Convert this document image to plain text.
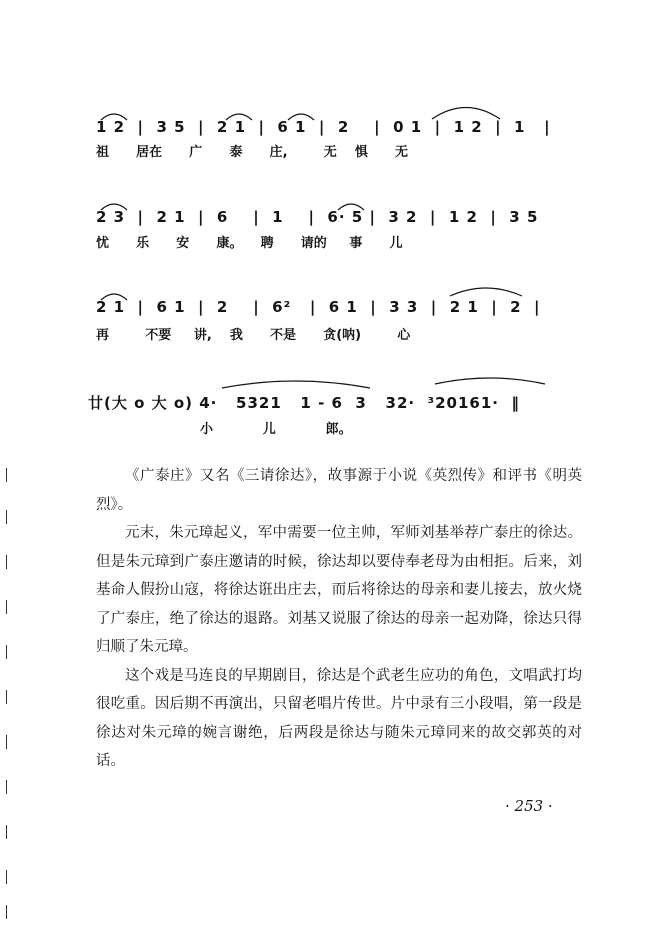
1 2  |  3 5  |  2 1  |  6 1  |  2    |  0 1  |  1 2  |  1   |
祖      居在      广      泰      庄,        无    惧      无
2 3  |  2 1  |  6    |  1    |  6· 5 |  3 2  |  1 2  |  3 5
忧      乐      安      康。    聘      请的     事      儿
2 1  |  6 1  |  2    |  6²   |  6 1  |  3 3  |  2 1  |  2  |
再        不要     讲,    我      不是      贪(呐)        心
廿(大 o 大 o) 4·   5321   1 - 6  3   32·  ³20161·  ‖
小           儿           郎。

《广泰庄》又名《三请徐达》，故事源于小说《英烈传》和评书《明英烈》。

元末，朱元璋起义，军中需要一位主帅，军师刘基举荐广泰庄的徐达。但是朱元璋到广泰庄邀请的时候，徐达却以要侍奉老母为由相拒。后来，刘基命人假扮山寇，将徐达诳出庄去，而后将徐达的母亲和妻儿接去，放火烧了广泰庄，绝了徐达的退路。刘基又说服了徐达的母亲一起劝降，徐达只得归顺了朱元璋。

这个戏是马连良的早期剧目，徐达是个武老生应功的角色，文唱武打均很吃重。因后期不再演出，只留老唱片传世。片中录有三小段唱，第一段是徐达对朱元璋的婉言谢绝，后两段是徐达与随朱元璋同来的故交郭英的对话。

· 253 ·
